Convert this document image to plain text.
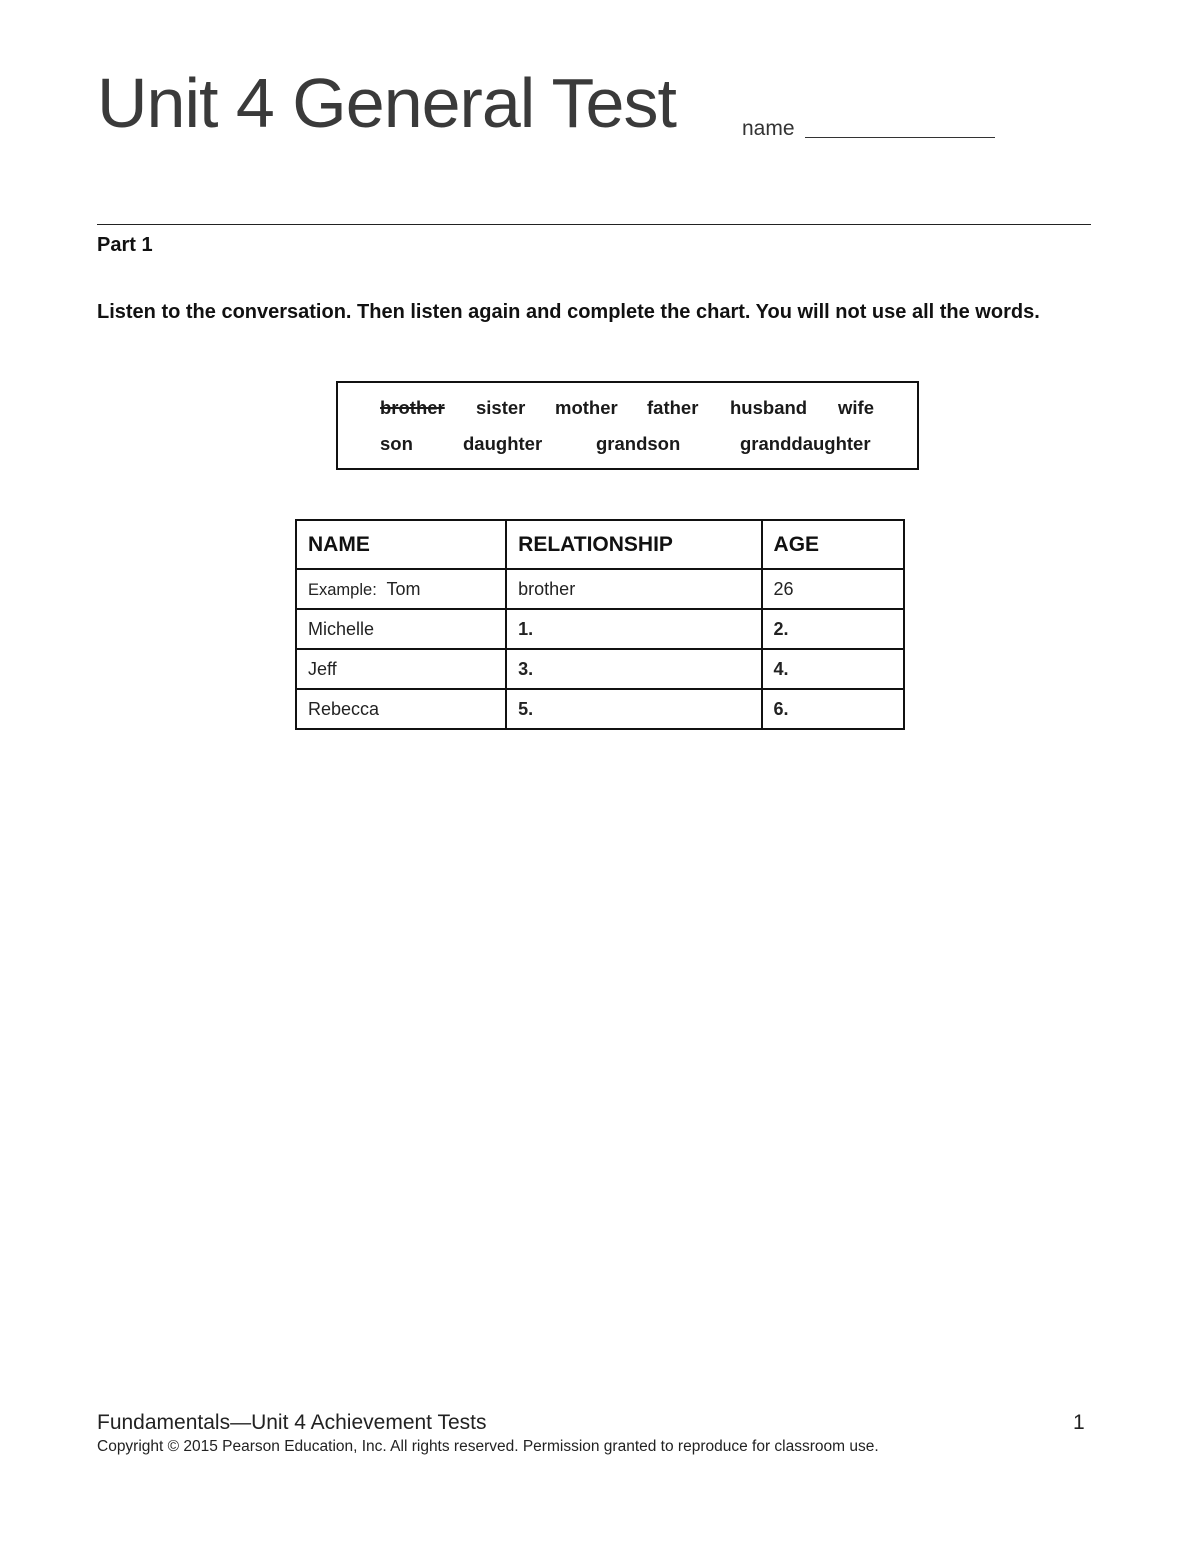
Unit 4 General Test	name
Part 1
Listen to the conversation. Then listen again and complete the chart. You will not use all the words.
brother sister mother father husband wife
son	daughter	grandson	granddaughter
NAME	RELATIONSHIP	AGE
Example: Tom	brother	26
Michelle	1.	2.
Jeff	3.	4.
Rebecca	5.	6.
Fundamentals—Unit 4 Achievement Tests	1
Copyright © 2015 Pearson Education, Inc. All rights reserved. Permission granted to reproduce for classroom use.
